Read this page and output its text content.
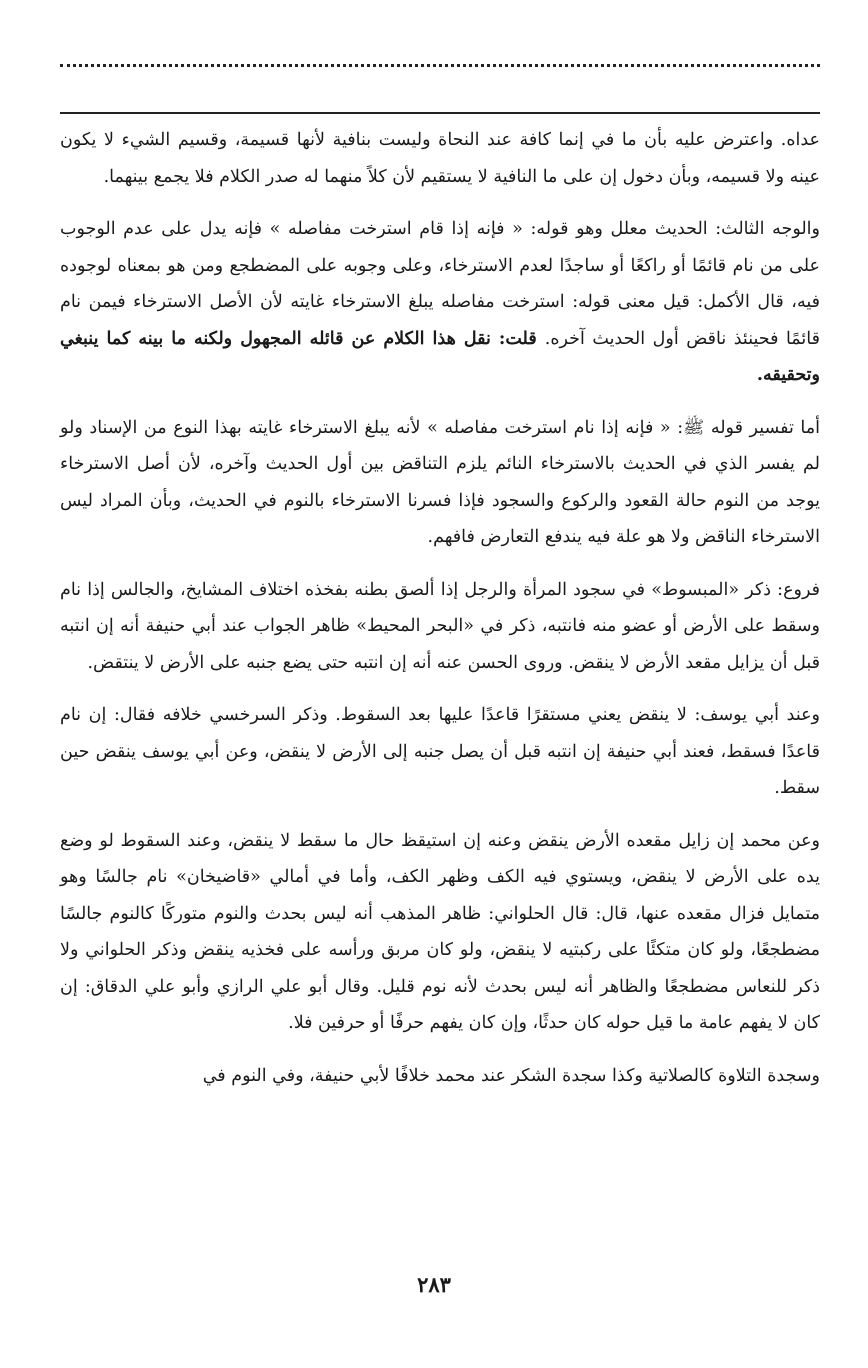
عداه. واعترض عليه بأن ما في إنما كافة عند النحاة وليست بنافية لأنها قسيمة، وقسيم الشيء لا يكون عينه ولا قسيمه، وبأن دخول إن على ما النافية لا يستقيم لأن كلاً منهما له صدر الكلام فلا يجمع بينهما.

والوجه الثالث: الحديث معلل وهو قوله: « فإنه إذا قام استرخت مفاصله » فإنه يدل على عدم الوجوب على من نام قائمًا أو راكعًا أو ساجدًا لعدم الاسترخاء، وعلى وجوبه على المضطجع ومن هو بمعناه لوجوده فيه، قال الأكمل: قيل معنى قوله: استرخت مفاصله يبلغ الاسترخاء غايته لأن الأصل الاسترخاء فيمن نام قائمًا فحينئذ ناقض أول الحديث آخره. قلت: نقل هذا الكلام عن قائله المجهول ولكنه ما بينه كما ينبغي وتحقيقه.

أما تفسير قوله ﷺ: « فإنه إذا نام استرخت مفاصله » لأنه يبلغ الاسترخاء غايته بهذا النوع من الإسناد ولو لم يفسر الذي في الحديث بالاسترخاء النائم يلزم التناقض بين أول الحديث وآخره، لأن أصل الاسترخاء يوجد من النوم حالة القعود والركوع والسجود فإذا فسرنا الاسترخاء بالنوم في الحديث، وبأن المراد ليس الاسترخاء الناقض ولا هو علة فيه يندفع التعارض فافهم.

فروع: ذكر «المبسوط» في سجود المرأة والرجل إذا ألصق بطنه بفخذه اختلاف المشايخ، والجالس إذا نام وسقط على الأرض أو عضو منه فانتبه، ذكر في «البحر المحيط» ظاهر الجواب عند أبي حنيفة أنه إن انتبه قبل أن يزايل مقعد الأرض لا ينقض. وروى الحسن عنه أنه إن انتبه حتى يضع جنبه على الأرض لا ينتقض.

وعند أبي يوسف: لا ينقض يعني مستقرًا قاعدًا عليها بعد السقوط. وذكر السرخسي خلافه فقال: إن نام قاعدًا فسقط، فعند أبي حنيفة إن انتبه قبل أن يصل جنبه إلى الأرض لا ينقض، وعن أبي يوسف ينقض حين سقط.

وعن محمد إن زايل مقعده الأرض ينقض وعنه إن استيقظ حال ما سقط لا ينقض، وعند السقوط لو وضع يده على الأرض لا ينقض، ويستوي فيه الكف وظهر الكف، وأما في أمالي «قاضيخان» نام جالسًا وهو متمايل فزال مقعده عنها، قال: قال الحلواني: ظاهر المذهب أنه ليس بحدث والنوم متوركًا كالنوم جالسًا مضطجعًا، ولو كان متكئًا على ركبتيه لا ينقض، ولو كان مربق ورأسه على فخذيه ينقض وذكر الحلواني ولا ذكر للنعاس مضطجعًا والظاهر أنه ليس بحدث لأنه نوم قليل. وقال أبو علي الرازي وأبو علي الدقاق: إن كان لا يفهم عامة ما قيل حوله كان حدثًا، وإن كان يفهم حرفًا أو حرفين فلا.

وسجدة التلاوة كالصلاتية وكذا سجدة الشكر عند محمد خلافًا لأبي حنيفة، وفي النوم في

٢٨٣
